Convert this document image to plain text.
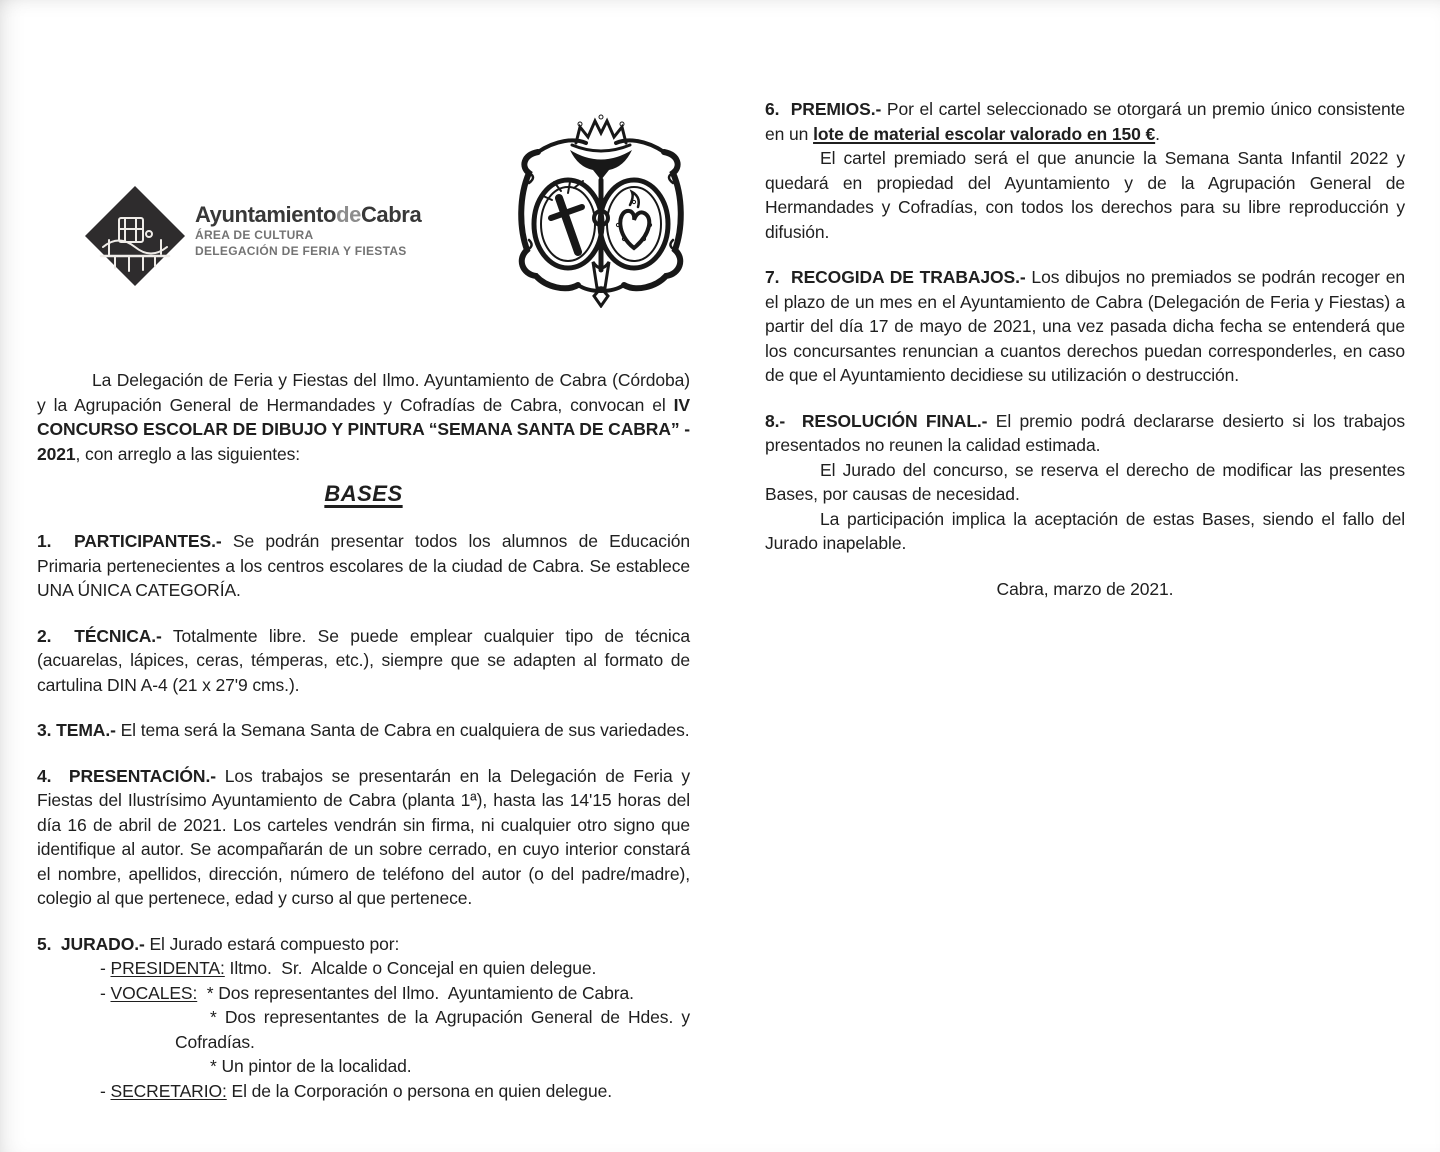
AyuntamientodeCabra
ÁREA DE CULTURA
DELEGACIÓN DE FERIA Y FIESTAS

La Delegación de Feria y Fiestas del Ilmo. Ayuntamiento de Cabra (Córdoba) y la Agrupación General de Hermandades y Cofradías de Cabra, convocan el IV CONCURSO ESCOLAR DE DIBUJO Y PINTURA “SEMANA SANTA DE CABRA” - 2021, con arreglo a las siguientes:

BASES

1.  PARTICIPANTES.- Se podrán presentar todos los alumnos de Educación Primaria pertenecientes a los centros escolares de la ciudad de Cabra. Se establece UNA ÚNICA CATEGORÍA.

2.  TÉCNICA.- Totalmente libre. Se puede emplear cualquier tipo de técnica (acuarelas, lápices, ceras, témperas, etc.), siempre que se adapten al formato de cartulina DIN A-4 (21 x 27'9 cms.).

3. TEMA.- El tema será la Semana Santa de Cabra en cualquiera de sus variedades.

4.  PRESENTACIÓN.- Los trabajos se presentarán en la Delegación de Feria y Fiestas del Ilustrísimo Ayuntamiento de Cabra (planta 1ª), hasta las 14'15 horas del día 16 de abril de 2021. Los carteles vendrán sin firma, ni cualquier otro signo que identifique al autor. Se acompañarán de un sobre cerrado, en cuyo interior constará el nombre, apellidos, dirección, número de teléfono del autor (o del padre/madre), colegio al que pertenece, edad y curso al que pertenece.

5.  JURADO.- El Jurado estará compuesto por:

- PRESIDENTA: Iltmo.  Sr.  Alcalde o Concejal en quien delegue.
- VOCALES:  * Dos representantes del Ilmo.  Ayuntamiento de Cabra.
* Dos representantes de la Agrupación General de Hdes. y Cofradías.
* Un pintor de la localidad.
- SECRETARIO: El de la Corporación o persona en quien delegue.

6.  PREMIOS.- Por el cartel seleccionado se otorgará un premio único consistente en un lote de material escolar valorado en 150 €.

El cartel premiado será el que anuncie la Semana Santa Infantil 2022 y quedará en propiedad del Ayuntamiento y de la Agrupación General de Hermandades y Cofradías, con todos los derechos para su libre reproducción y difusión.

7.  RECOGIDA DE TRABAJOS.- Los dibujos no premiados se podrán recoger en el plazo de un mes en el Ayuntamiento de Cabra (Delegación de Feria y Fiestas) a partir del día 17 de mayo de 2021, una vez pasada dicha fecha se entenderá que los concursantes renuncian a cuantos derechos puedan corresponderles, en caso de que el Ayuntamiento decidiese su utilización o destrucción.

8.-  RESOLUCIÓN FINAL.- El premio podrá declararse desierto si los trabajos presentados no reunen la calidad estimada.

El Jurado del concurso, se reserva el derecho de modificar las presentes Bases, por causas de necesidad.

La participación implica la aceptación de estas Bases, siendo el fallo del Jurado inapelable.

Cabra, marzo de 2021.
